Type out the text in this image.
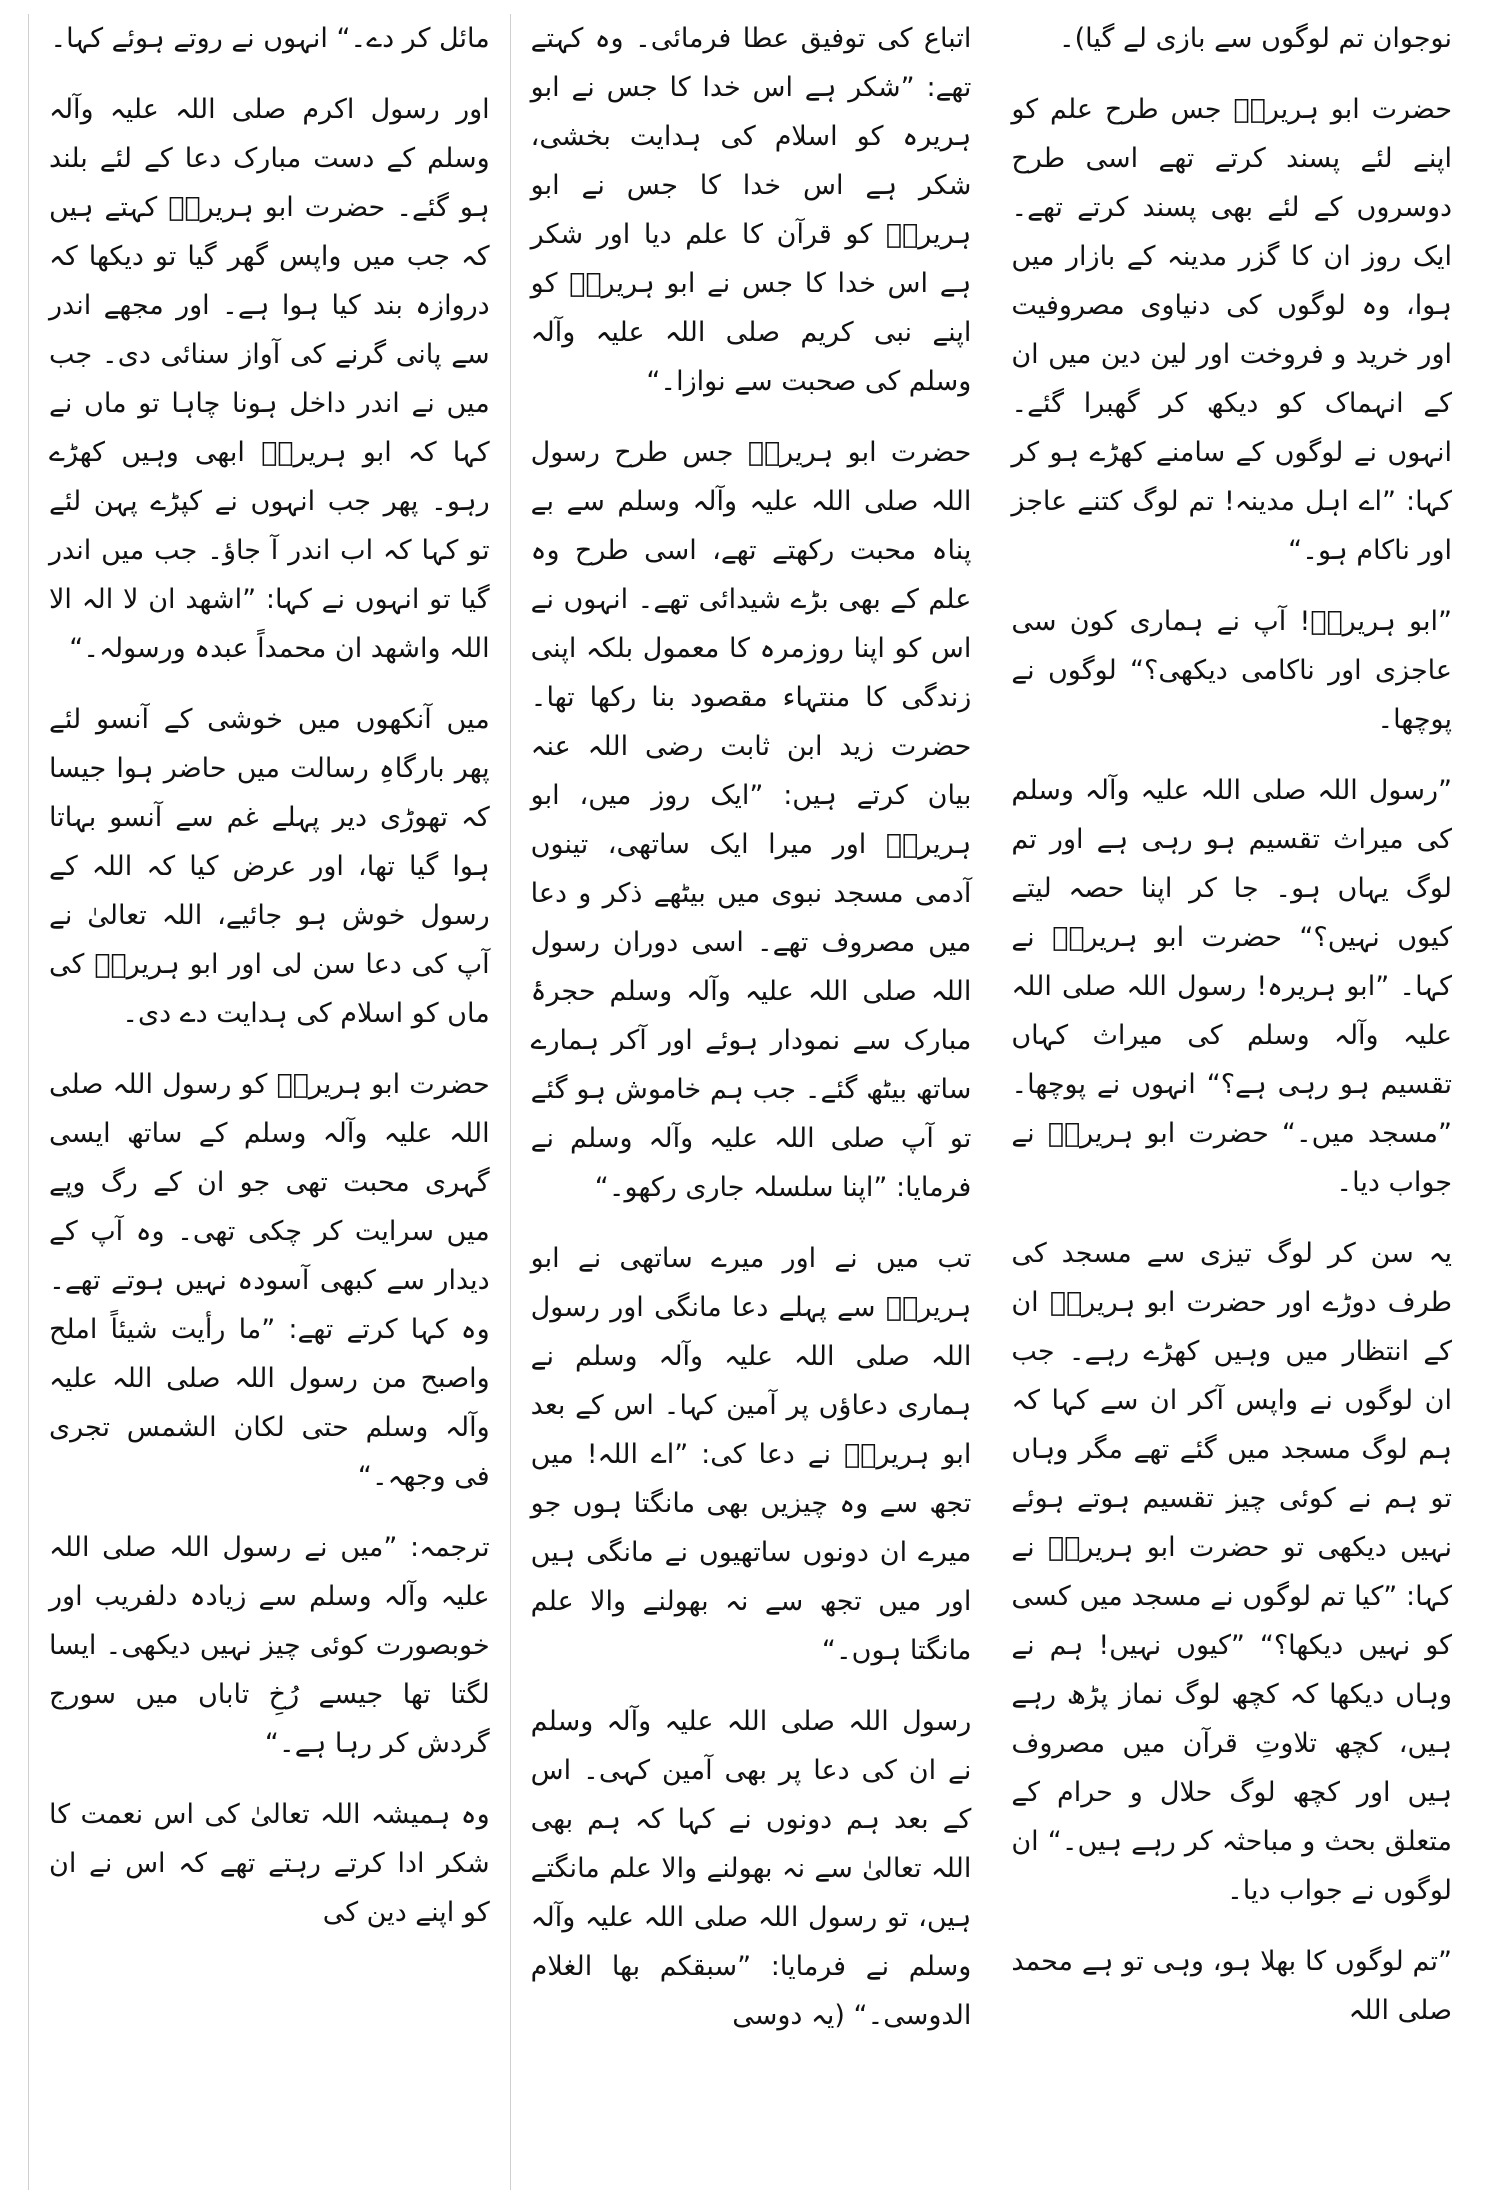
مائل کر دے۔“ انہوں نے روتے ہوئے کہا۔

اور رسول اکرم صلی اللہ علیہ وآلہ وسلم کے دست مبارک دعا کے لئے بلند ہو گئے۔ حضرت ابو ہریرہؓ کہتے ہیں کہ جب میں واپس گھر گیا تو دیکھا کہ دروازہ بند کیا ہوا ہے۔ اور مجھے اندر سے پانی گرنے کی آواز سنائی دی۔ جب میں نے اندر داخل ہونا چاہا تو ماں نے کہا کہ ابو ہریرہؓ ابھی وہیں کھڑے رہو۔ پھر جب انہوں نے کپڑے پہن لئے تو کہا کہ اب اندر آ جاؤ۔ جب میں اندر گیا تو انہوں نے کہا: ”اشھد ان لا الہ الا اللہ واشھد ان محمداً عبدہ ورسولہ۔“

میں آنکھوں میں خوشی کے آنسو لئے پھر بارگاہِ رسالت میں حاضر ہوا جیسا کہ تھوڑی دیر پہلے غم سے آنسو بہاتا ہوا گیا تھا، اور عرض کیا کہ اللہ کے رسول خوش ہو جائیے، اللہ تعالیٰ نے آپ کی دعا سن لی اور ابو ہریرہؓ کی ماں کو اسلام کی ہدایت دے دی۔

حضرت ابو ہریرہؓ کو رسول اللہ صلی اللہ علیہ وآلہ وسلم کے ساتھ ایسی گہری محبت تھی جو ان کے رگ وپے میں سرایت کر چکی تھی۔ وہ آپ کے دیدار سے کبھی آسودہ نہیں ہوتے تھے۔ وہ کہا کرتے تھے: ”ما رأیت شیئاً املح واصبح من رسول اللہ صلی اللہ علیہ وآلہ وسلم حتی لکان الشمس تجری فی وجھہ۔“

ترجمہ: ”میں نے رسول اللہ صلی اللہ علیہ وآلہ وسلم سے زیادہ دلفریب اور خوبصورت کوئی چیز نہیں دیکھی۔ ایسا لگتا تھا جیسے رُخِ تاباں میں سورج گردش کر رہا ہے۔“

وہ ہمیشہ اللہ تعالیٰ کی اس نعمت کا شکر ادا کرتے رہتے تھے کہ اس نے ان کو اپنے دین کی

اتباع کی توفیق عطا فرمائی۔ وہ کہتے تھے: ”شکر ہے اس خدا کا جس نے ابو ہریرہ کو اسلام کی ہدایت بخشی، شکر ہے اس خدا کا جس نے ابو ہریرہؓ کو قرآن کا علم دیا اور شکر ہے اس خدا کا جس نے ابو ہریرہؓ کو اپنے نبی کریم صلی اللہ علیہ وآلہ وسلم کی صحبت سے نوازا۔“

حضرت ابو ہریرہؓ جس طرح رسول اللہ صلی اللہ علیہ وآلہ وسلم سے بے پناہ محبت رکھتے تھے، اسی طرح وہ علم کے بھی بڑے شیدائی تھے۔ انہوں نے اس کو اپنا روزمرہ کا معمول بلکہ اپنی زندگی کا منتہاء مقصود بنا رکھا تھا۔ حضرت زید ابن ثابت رضی اللہ عنہ بیان کرتے ہیں: ”ایک روز میں، ابو ہریرہؓ اور میرا ایک ساتھی، تینوں آدمی مسجد نبوی میں بیٹھے ذکر و دعا میں مصروف تھے۔ اسی دوران رسول اللہ صلی اللہ علیہ وآلہ وسلم حجرۂ مبارک سے نمودار ہوئے اور آکر ہمارے ساتھ بیٹھ گئے۔ جب ہم خاموش ہو گئے تو آپ صلی اللہ علیہ وآلہ وسلم نے فرمایا: ”اپنا سلسلہ جاری رکھو۔“

تب میں نے اور میرے ساتھی نے ابو ہریرہؓ سے پہلے دعا مانگی اور رسول اللہ صلی اللہ علیہ وآلہ وسلم نے ہماری دعاؤں پر آمین کہا۔ اس کے بعد ابو ہریرہؓ نے دعا کی: ”اے اللہ! میں تجھ سے وہ چیزیں بھی مانگتا ہوں جو میرے ان دونوں ساتھیوں نے مانگی ہیں اور میں تجھ سے نہ بھولنے والا علم مانگتا ہوں۔“

رسول اللہ صلی اللہ علیہ وآلہ وسلم نے ان کی دعا پر بھی آمین کہی۔ اس کے بعد ہم دونوں نے کہا کہ ہم بھی اللہ تعالیٰ سے نہ بھولنے والا علم مانگتے ہیں، تو رسول اللہ صلی اللہ علیہ وآلہ وسلم نے فرمایا: ”سبقکم بھا الغلام الدوسی۔“ (یہ دوسی

نوجوان تم لوگوں سے بازی لے گیا)۔

حضرت ابو ہریرہؓ جس طرح علم کو اپنے لئے پسند کرتے تھے اسی طرح دوسروں کے لئے بھی پسند کرتے تھے۔ ایک روز ان کا گزر مدینہ کے بازار میں ہوا، وہ لوگوں کی دنیاوی مصروفیت اور خرید و فروخت اور لین دین میں ان کے انہماک کو دیکھ کر گھبرا گئے۔ انہوں نے لوگوں کے سامنے کھڑے ہو کر کہا: ”اے اہل مدینہ! تم لوگ کتنے عاجز اور ناکام ہو۔“

”ابو ہریرہؓ! آپ نے ہماری کون سی عاجزی اور ناکامی دیکھی؟“ لوگوں نے پوچھا۔

”رسول اللہ صلی اللہ علیہ وآلہ وسلم کی میراث تقسیم ہو رہی ہے اور تم لوگ یہاں ہو۔ جا کر اپنا حصہ لیتے کیوں نہیں؟“ حضرت ابو ہریرہؓ نے کہا۔ ”ابو ہریرہ! رسول اللہ صلی اللہ علیہ وآلہ وسلم کی میراث کہاں تقسیم ہو رہی ہے؟“ انہوں نے پوچھا۔ ”مسجد میں۔“ حضرت ابو ہریرہؓ نے جواب دیا۔

یہ سن کر لوگ تیزی سے مسجد کی طرف دوڑے اور حضرت ابو ہریرہؓ ان کے انتظار میں وہیں کھڑے رہے۔ جب ان لوگوں نے واپس آکر ان سے کہا کہ ہم لوگ مسجد میں گئے تھے مگر وہاں تو ہم نے کوئی چیز تقسیم ہوتے ہوئے نہیں دیکھی تو حضرت ابو ہریرہؓ نے کہا: ”کیا تم لوگوں نے مسجد میں کسی کو نہیں دیکھا؟“ ”کیوں نہیں! ہم نے وہاں دیکھا کہ کچھ لوگ نماز پڑھ رہے ہیں، کچھ تلاوتِ قرآن میں مصروف ہیں اور کچھ لوگ حلال و حرام کے متعلق بحث و مباحثہ کر رہے ہیں۔“ ان لوگوں نے جواب دیا۔

”تم لوگوں کا بھلا ہو، وہی تو ہے محمد صلی اللہ
